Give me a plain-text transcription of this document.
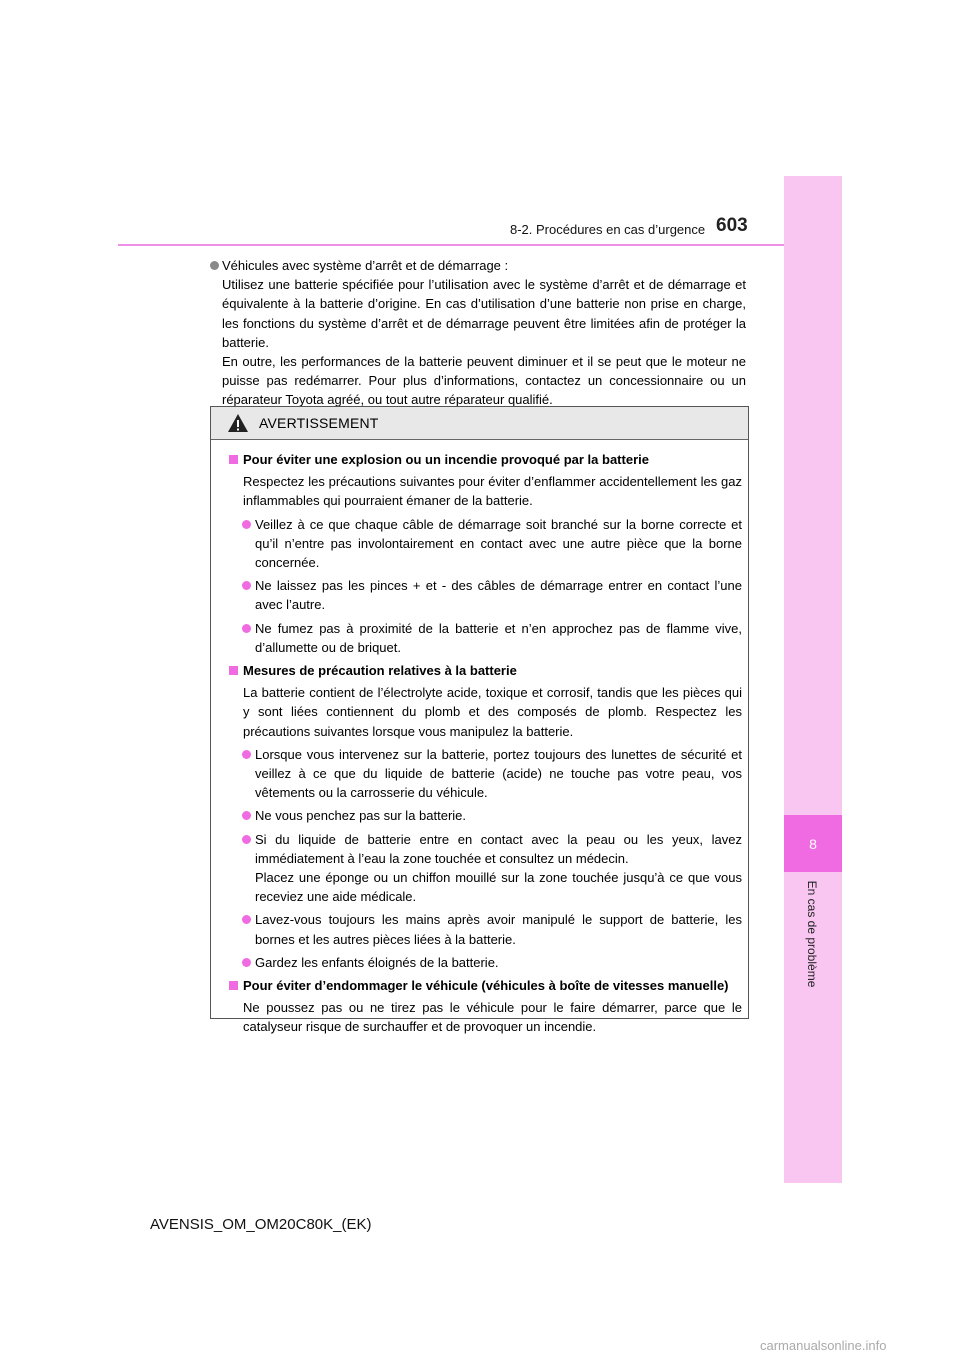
8
En cas de problème
8-2. Procédures en cas d’urgence 603

Véhicules avec système d’arrêt et de démarrage :

Utilisez une batterie spécifiée pour l’utilisation avec le système d’arrêt et de démarrage et équivalente à la batterie d’origine. En cas d’utilisation d’une batterie non prise en charge, les fonctions du système d’arrêt et de démarrage peuvent être limitées afin de protéger la batterie.

En outre, les performances de la batterie peuvent diminuer et il se peut que le moteur ne puisse pas redémarrer. Pour plus d’informations, contactez un concessionnaire ou un réparateur Toyota agréé, ou tout autre réparateur qualifié.

AVERTISSEMENT
Pour éviter une explosion ou un incendie provoqué par la batterie
Respectez les précautions suivantes pour éviter d’enflammer accidentellement les gaz inflammables qui pourraient émaner de la batterie.
Veillez à ce que chaque câble de démarrage soit branché sur la borne correcte et qu’il n’entre pas involontairement en contact avec une autre pièce que la borne concernée.
Ne laissez pas les pinces + et - des câbles de démarrage entrer en contact l’une avec l’autre.
Ne fumez pas à proximité de la batterie et n’en approchez pas de flamme vive, d’allumette ou de briquet.
Mesures de précaution relatives à la batterie
La batterie contient de l’électrolyte acide, toxique et corrosif, tandis que les pièces qui y sont liées contiennent du plomb et des composés de plomb. Respectez les précautions suivantes lorsque vous manipulez la batterie.
Lorsque vous intervenez sur la batterie, portez toujours des lunettes de sécurité et veillez à ce que du liquide de batterie (acide) ne touche pas votre peau, vos vêtements ou la carrosserie du véhicule.
Ne vous penchez pas sur la batterie.
Si du liquide de batterie entre en contact avec la peau ou les yeux, lavez immédiatement à l’eau la zone touchée et consultez un médecin.
Placez une éponge ou un chiffon mouillé sur la zone touchée jusqu’à ce que vous receviez une aide médicale.
Lavez-vous toujours les mains après avoir manipulé le support de batterie, les bornes et les autres pièces liées à la batterie.
Gardez les enfants éloignés de la batterie.
Pour éviter d’endommager le véhicule (véhicules à boîte de vitesses manuelle)
Ne poussez pas ou ne tirez pas le véhicule pour le faire démarrer, parce que le catalyseur risque de surchauffer et de provoquer un incendie.
AVENSIS_OM_OM20C80K_(EK)
carmanualsonline.info
